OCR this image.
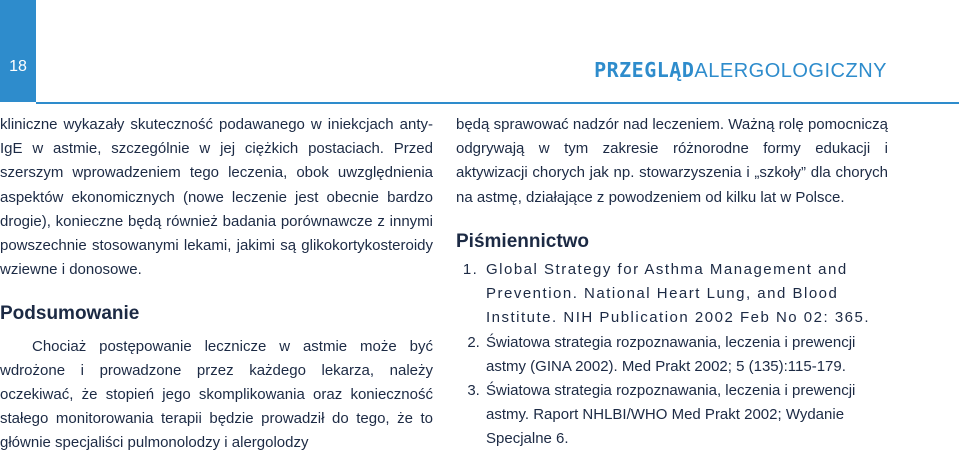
18	PRZEGLĄD ALERGOLOGICZNY

kliniczne wykazały skuteczność podawanego w iniekcjach anty-IgE w astmie, szczególnie w jej ciężkich postaciach. Przed szerszym wprowadzeniem tego leczenia, obok uwzględnienia aspektów ekonomicznych (nowe leczenie jest obecnie bardzo drogie), konieczne będą również badania porównawcze z innymi powszechnie stosowanymi lekami, jakimi są glikokortykosteroidy wziewne i donosowe.

Podsumowanie

Chociaż postępowanie lecznicze w astmie może być wdrożone i prowadzone przez każdego lekarza, należy oczekiwać, że stopień jego skomplikowania oraz konieczność stałego monitorowania terapii będzie prowadził do tego, że to głównie specjaliści pulmonolodzy i alergolodzy

będą sprawować nadzór nad leczeniem. Ważną rolę pomocniczą odgrywają w tym zakresie różnorodne formy edukacji i aktywizacji chorych jak np. stowarzyszenia i „szkoły” dla chorych na astmę, działające z powodzeniem od kilku lat w Polsce.

Piśmiennictwo
1. Global Strategy for Asthma Management and Prevention. National Heart Lung, and Blood Institute. NIH Publication 2002 Feb No 02: 365.
2. Światowa strategia rozpoznawania, leczenia i prewencji astmy (GINA 2002). Med Prakt 2002; 5 (135):115-179.
3. Światowa strategia rozpoznawania, leczenia i prewencji astmy. Raport NHLBI/WHO Med Prakt 2002; Wydanie Specjalne 6.
